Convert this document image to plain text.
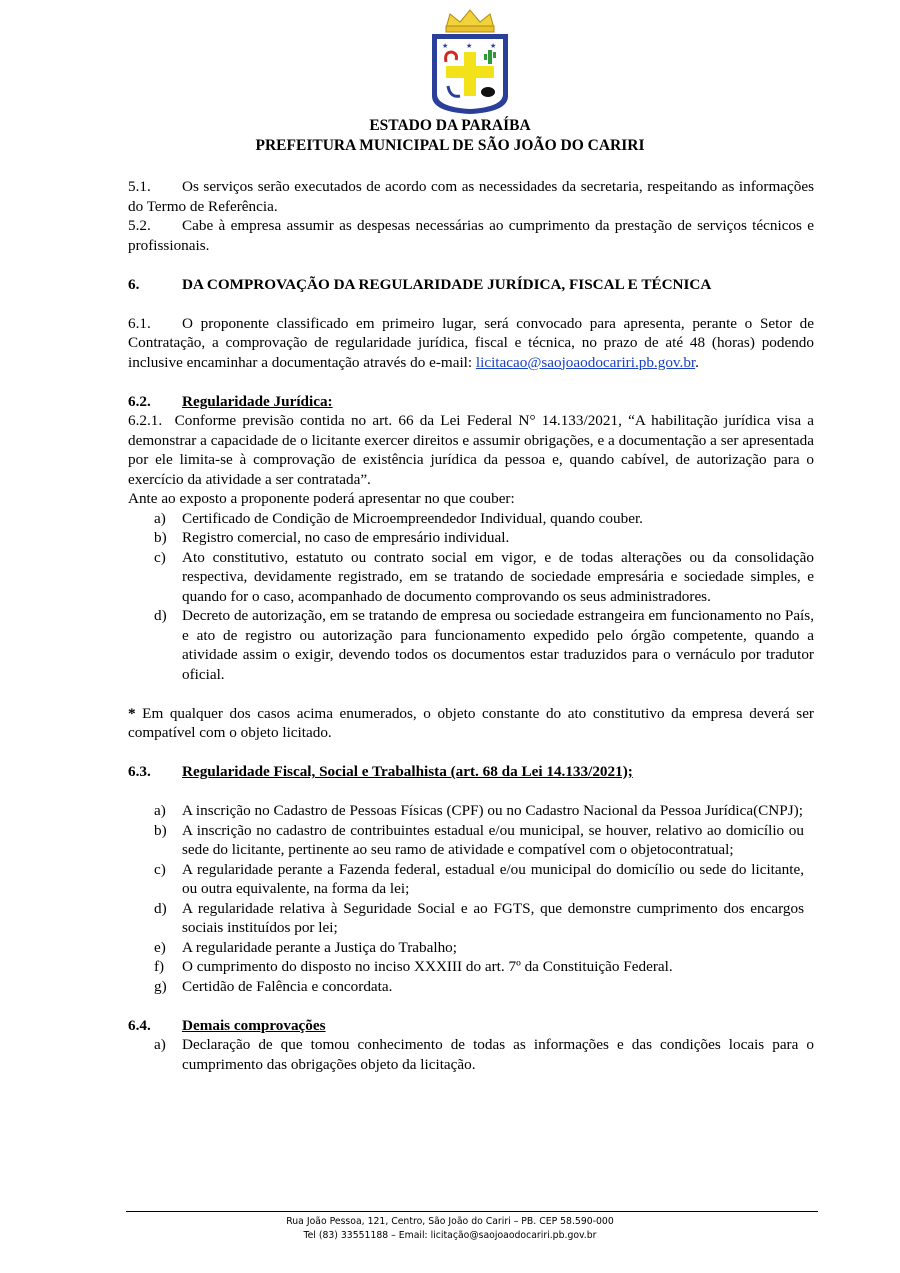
★	★	★
ESTADO DA PARAÍBA
PREFEITURA MUNICIPAL DE SÃO JOÃO DO CARIRI

5.1. Os serviços serão executados de acordo com as necessidades da secretaria, respeitando as informações do Termo de Referência.

5.2. Cabe à empresa assumir as despesas necessárias ao cumprimento da prestação de serviços técnicos e profissionais.

6.	DA COMPROVAÇÃO DA REGULARIDADE JURÍDICA, FISCAL E TÉCNICA

6.1. O proponente classificado em primeiro lugar, será convocado para apresenta, perante o Setor de Contratação, a comprovação de regularidade jurídica, fiscal e técnica, no prazo de até 48 (horas) podendo inclusive encaminhar a documentação através do e-mail: licitacao@saojoaodocariri.pb.gov.br.

6.2.	Regularidade Jurídica:

6.2.1. Conforme previsão contida no art. 66 da Lei Federal N° 14.133/2021, “A habilitação jurídica visa a demonstrar a capacidade de o licitante exercer direitos e assumir obrigações, e a documentação a ser apresentada por ele limita-se à comprovação de existência jurídica da pessoa e, quando cabível, de autorização para o exercício da atividade a ser contratada”.

Ante ao exposto a proponente poderá apresentar no que couber:

a)	Certificado de Condição de Microempreendedor Individual, quando couber.
b)	Registro comercial, no caso de empresário individual.
c)	Ato constitutivo, estatuto ou contrato social em vigor, e de todas alterações ou da consolidação respectiva, devidamente registrado, em se tratando de sociedade empresária e sociedade simples, e quando for o caso, acompanhado de documento comprovando os seus administradores.
d)	Decreto de autorização, em se tratando de empresa ou sociedade estrangeira em funcionamento no País, e ato de registro ou autorização para funcionamento expedido pelo órgão competente, quando a atividade assim o exigir, devendo todos os documentos estar traduzidos para o vernáculo por tradutor oficial.

* Em qualquer dos casos acima enumerados, o objeto constante do ato constitutivo da empresa deverá ser compatível com o objeto licitado.

6.3.	Regularidade Fiscal, Social e Trabalhista (art. 68 da Lei 14.133/2021);
a)	A inscrição no Cadastro de Pessoas Físicas (CPF) ou no Cadastro Nacional da Pessoa Jurídica(CNPJ);
b)	A inscrição no cadastro de contribuintes estadual e/ou municipal, se houver, relativo ao domicílio ou sede do licitante, pertinente ao seu ramo de atividade e compatível com o objetocontratual;
c)	A regularidade perante a Fazenda federal, estadual e/ou municipal do domicílio ou sede do licitante, ou outra equivalente, na forma da lei;
d)	A regularidade relativa à Seguridade Social e ao FGTS, que demonstre cumprimento dos encargos sociais instituídos por lei;
e)	A regularidade perante a Justiça do Trabalho;
f)	O cumprimento do disposto no inciso XXXIII do art. 7º da Constituição Federal.
g)	Certidão de Falência e concordata.
6.4.	Demais comprovações
a)	Declaração de que tomou conhecimento de todas as informações e das condições locais para o cumprimento das obrigações objeto da licitação.
Rua João Pessoa, 121, Centro, São João do Cariri – PB. CEP 58.590-000
Tel (83) 33551188 – Email: licitação@saojoaodocariri.pb.gov.br
